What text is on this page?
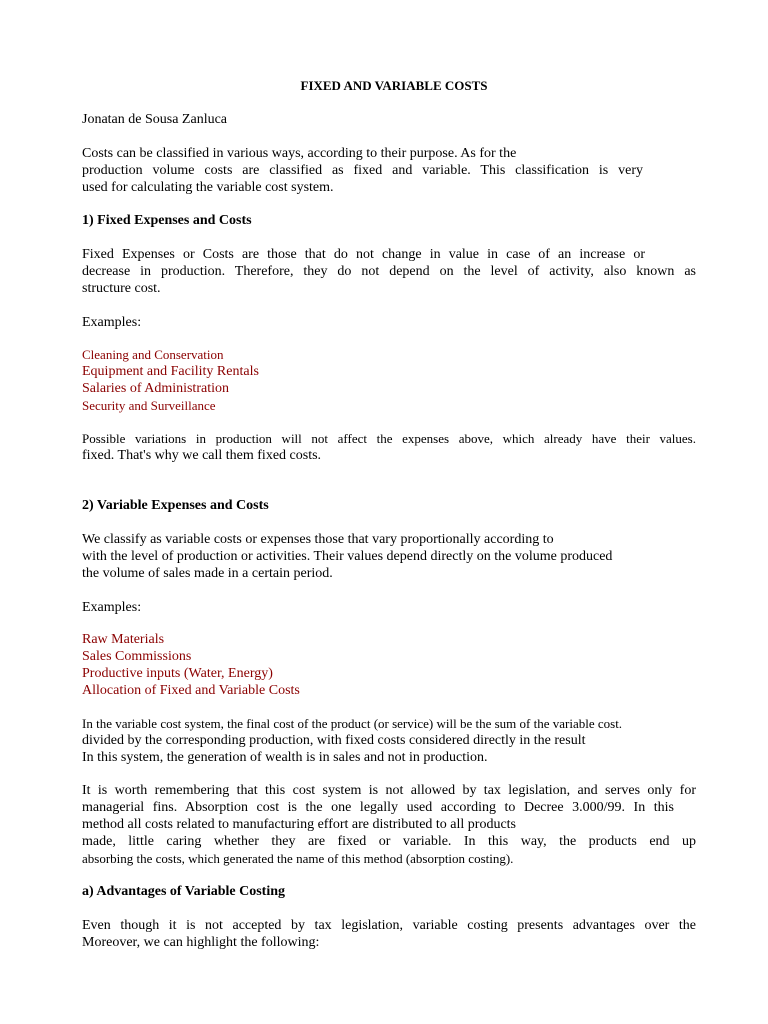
FIXED AND VARIABLE COSTS

Jonatan de Sousa Zanluca

Costs can be classified in various ways, according to their purpose. As for the

production volume costs are classified as fixed and variable. This classification is very

used for calculating the variable cost system.

1) Fixed Expenses and Costs

Fixed Expenses or Costs are those that do not change in value in case of an increase or

decrease in production. Therefore, they do not depend on the level of activity, also known as

structure cost.

Examples:

Cleaning and Conservation

Equipment and Facility Rentals

Salaries of Administration

Security and Surveillance

Possible variations in production will not affect the expenses above, which already have their values.

fixed. That's why we call them fixed costs.

2) Variable Expenses and Costs

We classify as variable costs or expenses those that vary proportionally according to

with the level of production or activities. Their values depend directly on the volume produced

the volume of sales made in a certain period.

Examples:

Raw Materials

Sales Commissions

Productive inputs (Water, Energy)

Allocation of Fixed and Variable Costs

In the variable cost system, the final cost of the product (or service) will be the sum of the variable cost.

divided by the corresponding production, with fixed costs considered directly in the result

In this system, the generation of wealth is in sales and not in production.

It is worth remembering that this cost system is not allowed by tax legislation, and serves only for

managerial fins. Absorption cost is the one legally used according to Decree 3.000/99. In this

method all costs related to manufacturing effort are distributed to all products

made, little caring whether they are fixed or variable. In this way, the products end up

absorbing the costs, which generated the name of this method (absorption costing).

a) Advantages of Variable Costing

Even though it is not accepted by tax legislation, variable costing presents advantages over the

Moreover, we can highlight the following:
